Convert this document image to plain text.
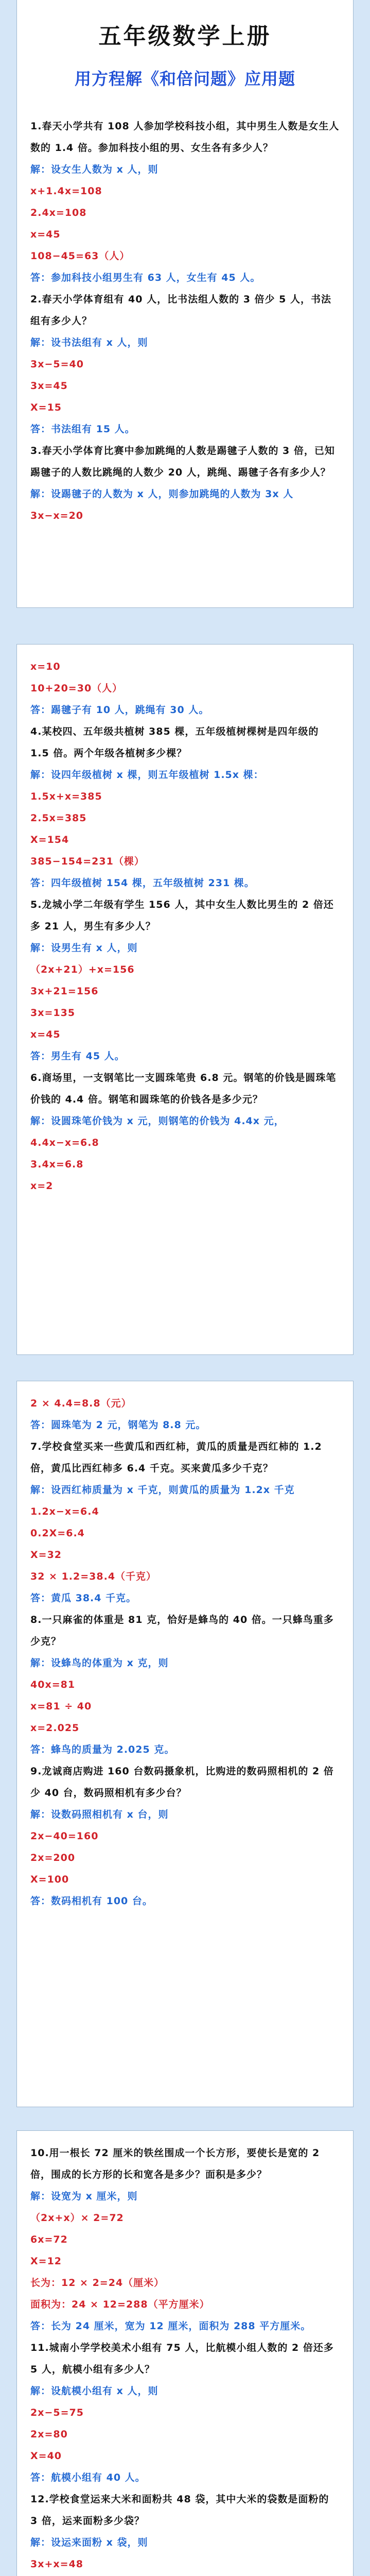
五年级数学上册
用方程解《和倍问题》应用题

1.春天小学共有 108 人参加学校科技小组，其中男生人数是女生人数的 1.4 倍。参加科技小组的男、女生各有多少人？

解：设女生人数为 x 人，则

x+1.4x=108

2.4x=108

x=45

108−45=63（人）

答：参加科技小组男生有 63 人，女生有 45 人。

2.春天小学体育组有 40 人，比书法组人数的 3 倍少 5 人，书法组有多少人？

解：设书法组有 x 人，则

3x−5=40

3x=45

X=15

答：书法组有 15 人。

3.春天小学体育比赛中参加跳绳的人数是踢毽子人数的 3 倍，已知踢毽子的人数比跳绳的人数少 20 人，跳绳、踢毽子各有多少人？

解：设踢毽子的人数为 x 人，则参加跳绳的人数为 3x 人

3x−x=20

x=10

10+20=30（人）

答：踢毽子有 10 人，跳绳有 30 人。

4.某校四、五年级共植树 385 棵，五年级植树棵树是四年级的 1.5 倍。两个年级各植树多少棵？

解：设四年级植树 x 棵，则五年级植树 1.5x 棵：

1.5x+x=385

2.5x=385

X=154

385−154=231（棵）

答：四年级植树 154 棵，五年级植树 231 棵。

5.龙城小学二年级有学生 156 人，其中女生人数比男生的 2 倍还多 21 人，男生有多少人？

解：设男生有 x 人，则

（2x+21）+x=156

3x+21=156

3x=135

x=45

答：男生有 45 人。

6.商场里，一支钢笔比一支圆珠笔贵 6.8 元。钢笔的价钱是圆珠笔价钱的 4.4 倍。钢笔和圆珠笔的价钱各是多少元？

解：设圆珠笔价钱为 x 元，则钢笔的价钱为 4.4x 元，

4.4x−x=6.8

3.4x=6.8

x=2

2 × 4.4=8.8（元）

答：圆珠笔为 2 元，钢笔为 8.8 元。

7.学校食堂买来一些黄瓜和西红柿，黄瓜的质量是西红柿的 1.2 倍，黄瓜比西红柿多 6.4 千克。买来黄瓜多少千克？

解：设西红柿质量为 x 千克，则黄瓜的质量为 1.2x 千克

1.2x−x=6.4

0.2X=6.4

X=32

32 × 1.2=38.4（千克）

答：黄瓜 38.4 千克。

8.一只麻雀的体重是 81 克，恰好是蜂鸟的 40 倍。一只蜂鸟重多少克？

解：设蜂鸟的体重为 x 克，则

40x=81

x=81 ÷ 40

x=2.025

答：蜂鸟的质量为 2.025 克。

9.龙诚商店购进 160 台数码摄象机，比购进的数码照相机的 2 倍少 40 台，数码照相机有多少台？

解：设数码照相机有 x 台，则

2x−40=160

2x=200

X=100

答：数码相机有 100 台。

10.用一根长 72 厘米的铁丝围成一个长方形，要使长是宽的 2 倍，围成的长方形的长和宽各是多少？面积是多少？

解：设宽为 x 厘米，则

（2x+x）× 2=72

6x=72

X=12

长为：12 × 2=24（厘米）

面积为：24 × 12=288（平方厘米）

答：长为 24 厘米，宽为 12 厘米，面积为 288 平方厘米。

11.城南小学学校美术小组有 75 人，比航模小组人数的 2 倍还多 5 人，航模小组有多少人？

解：设航模小组有 x 人，则

2x−5=75

2x=80

X=40

答：航模小组有 40 人。

12.学校食堂运来大米和面粉共 48 袋，其中大米的袋数是面粉的 3 倍，运来面粉多少袋？

解：设运来面粉 x 袋，则

3x+x=48
